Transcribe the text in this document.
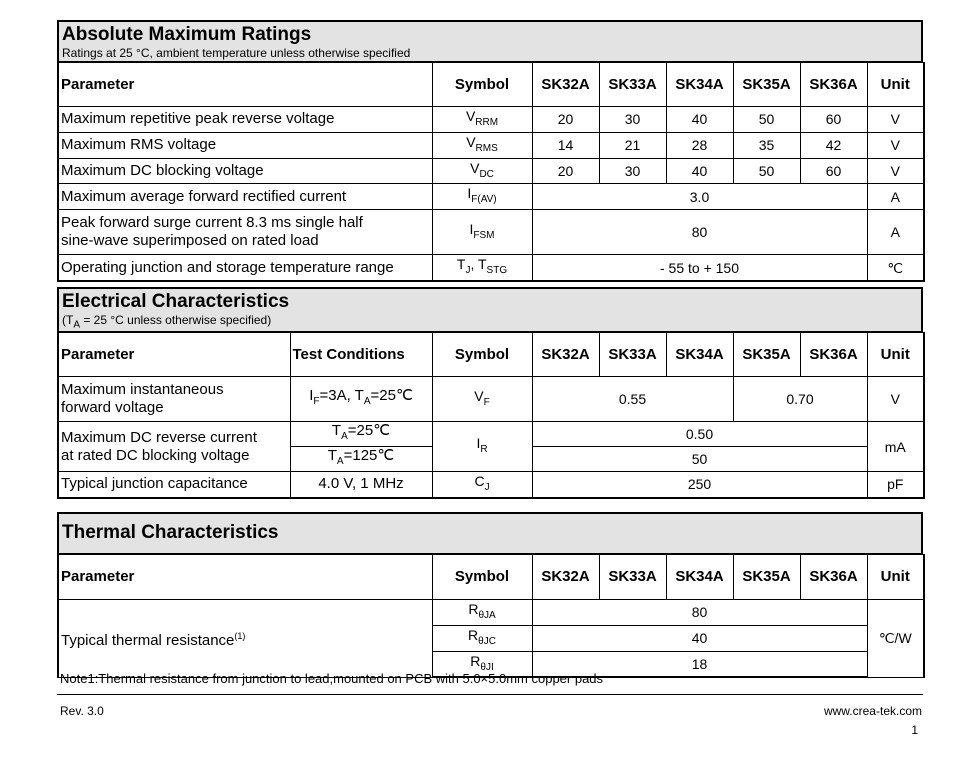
Absolute Maximum Ratings
Ratings at 25 °C, ambient temperature unless otherwise specified
Parameter	Symbol	SK32A	SK33A	SK34A	SK35A	SK36A	Unit
Maximum repetitive peak reverse voltage	$V_{RRM}$	20	30	40	50	60	V
Maximum RMS voltage	$V_{RMS}$	14	21	28	35	42	V
Maximum DC blocking voltage	$V_{DC}$	20	30	40	50	60	V
Maximum average forward rectified current	$I_{F(AV)}$	3.0					A

Peak forward surge current 8.3 ms single half
sine-wave superimposed on rated load	$I_{FSM}$	80					A
Operating junction and storage temperature range	$T_J$, $T_{STG}$	- 55 to + 150					℃
Electrical Characteristics
($T_A = 25$ °C unless otherwise specified)
Parameter	Test Conditions	Symbol	SK32A	SK33A	SK34A	SK35A	SK36A	Unit

Maximum instantaneous
forward voltage	$I_F=3A$, $T_A=25℃$	$V_F$	0.55			0.70		V

Maximum DC reverse current
at rated DC blocking voltage	$T_A=25℃$	$I_R$	0.50					mA
	$T_A=125℃$		50					
Typical junction capacitance	4.0 V, 1 MHz	$C_J$	250					pF
Thermal Characteristics
Parameter	Symbol	SK32A	SK33A	SK34A	SK35A	SK36A	Unit
Typical thermal resistance$^{(1)}$	$R_{\theta JA}$	80					℃/W
	$R_{\theta JC}$	40					
	$R_{\theta JI}$	18					
Note1:Thermal resistance from junction to lead,mounted on PCB with 5.0×5.0mm copper pads
Rev. 3.0	www.crea-tek.com
1
